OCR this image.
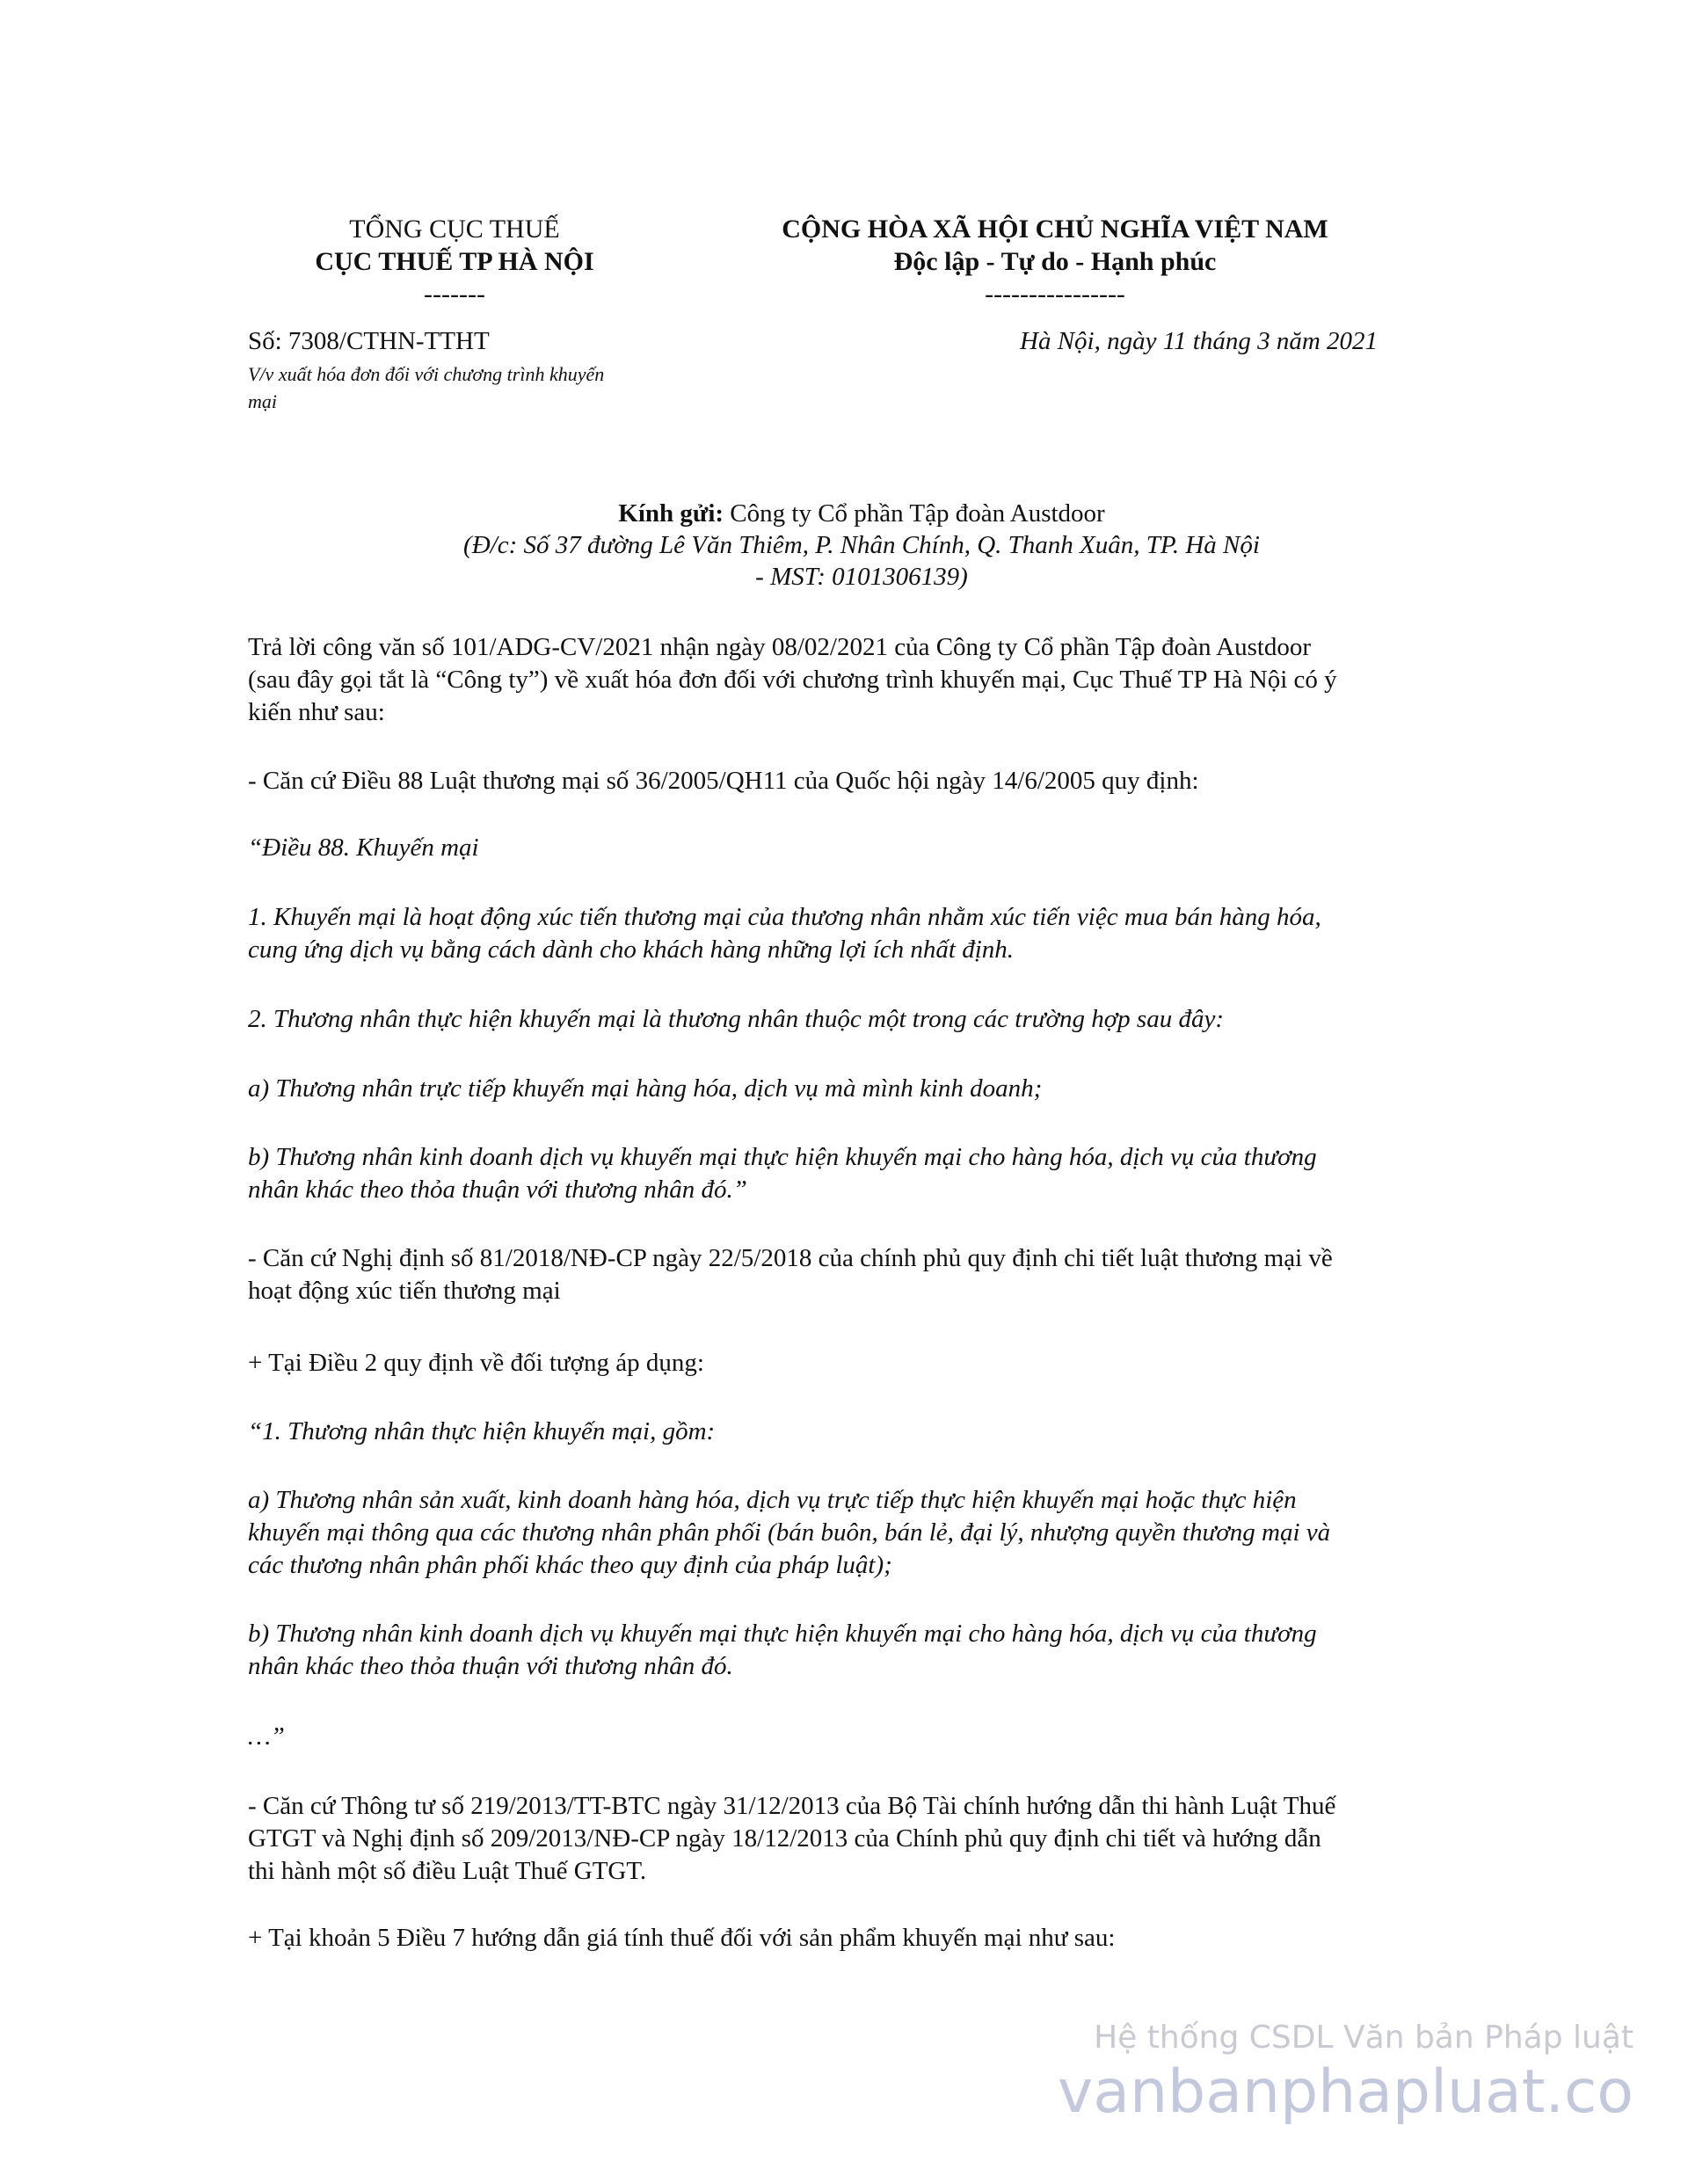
TỔNG CỤC THUẾ
CỤC THUẾ TP HÀ NỘI
-------
CỘNG HÒA XÃ HỘI CHỦ NGHĨA VIỆT NAM
Độc lập - Tự do - Hạnh phúc
----------------
Số: 7308/CTHN-TTHT
V/v xuất hóa đơn đối với chương trình khuyến
mại
Hà Nội, ngày 11 tháng 3 năm 2021
Kính gửi: Công ty Cổ phần Tập đoàn Austdoor
(Đ/c: Số 37 đường Lê Văn Thiêm, P. Nhân Chính, Q. Thanh Xuân, TP. Hà Nội
- MST: 0101306139)
Trả lời công văn số 101/ADG-CV/2021 nhận ngày 08/02/2021 của Công ty Cổ phần Tập đoàn Austdoor
(sau đây gọi tắt là “Công ty”) về xuất hóa đơn đối với chương trình khuyến mại, Cục Thuế TP Hà Nội có ý
kiến như sau:
- Căn cứ Điều 88 Luật thương mại số 36/2005/QH11 của Quốc hội ngày 14/6/2005 quy định:
“Điều 88. Khuyến mại
1. Khuyến mại là hoạt động xúc tiến thương mại của thương nhân nhằm xúc tiến việc mua bán hàng hóa,
cung ứng dịch vụ bằng cách dành cho khách hàng những lợi ích nhất định.
2. Thương nhân thực hiện khuyến mại là thương nhân thuộc một trong các trường hợp sau đây:
a) Thương nhân trực tiếp khuyến mại hàng hóa, dịch vụ mà mình kinh doanh;
b) Thương nhân kinh doanh dịch vụ khuyến mại thực hiện khuyến mại cho hàng hóa, dịch vụ của thương
nhân khác theo thỏa thuận với thương nhân đó.”
- Căn cứ Nghị định số 81/2018/NĐ-CP ngày 22/5/2018 của chính phủ quy định chi tiết luật thương mại về
hoạt động xúc tiến thương mại
+ Tại Điều 2 quy định về đối tượng áp dụng:
“1. Thương nhân thực hiện khuyến mại, gồm:
a) Thương nhân sản xuất, kinh doanh hàng hóa, dịch vụ trực tiếp thực hiện khuyến mại hoặc thực hiện
khuyến mại thông qua các thương nhân phân phối (bán buôn, bán lẻ, đại lý, nhượng quyền thương mại và
các thương nhân phân phối khác theo quy định của pháp luật);
b) Thương nhân kinh doanh dịch vụ khuyến mại thực hiện khuyến mại cho hàng hóa, dịch vụ của thương
nhân khác theo thỏa thuận với thương nhân đó.
…”
- Căn cứ Thông tư số 219/2013/TT-BTC ngày 31/12/2013 của Bộ Tài chính hướng dẫn thi hành Luật Thuế
GTGT và Nghị định số 209/2013/NĐ-CP ngày 18/12/2013 của Chính phủ quy định chi tiết và hướng dẫn
thi hành một số điều Luật Thuế GTGT.
+ Tại khoản 5 Điều 7 hướng dẫn giá tính thuế đối với sản phẩm khuyến mại như sau:
Hệ thống CSDL Văn bản Pháp luật
vanbanphapluat.co
